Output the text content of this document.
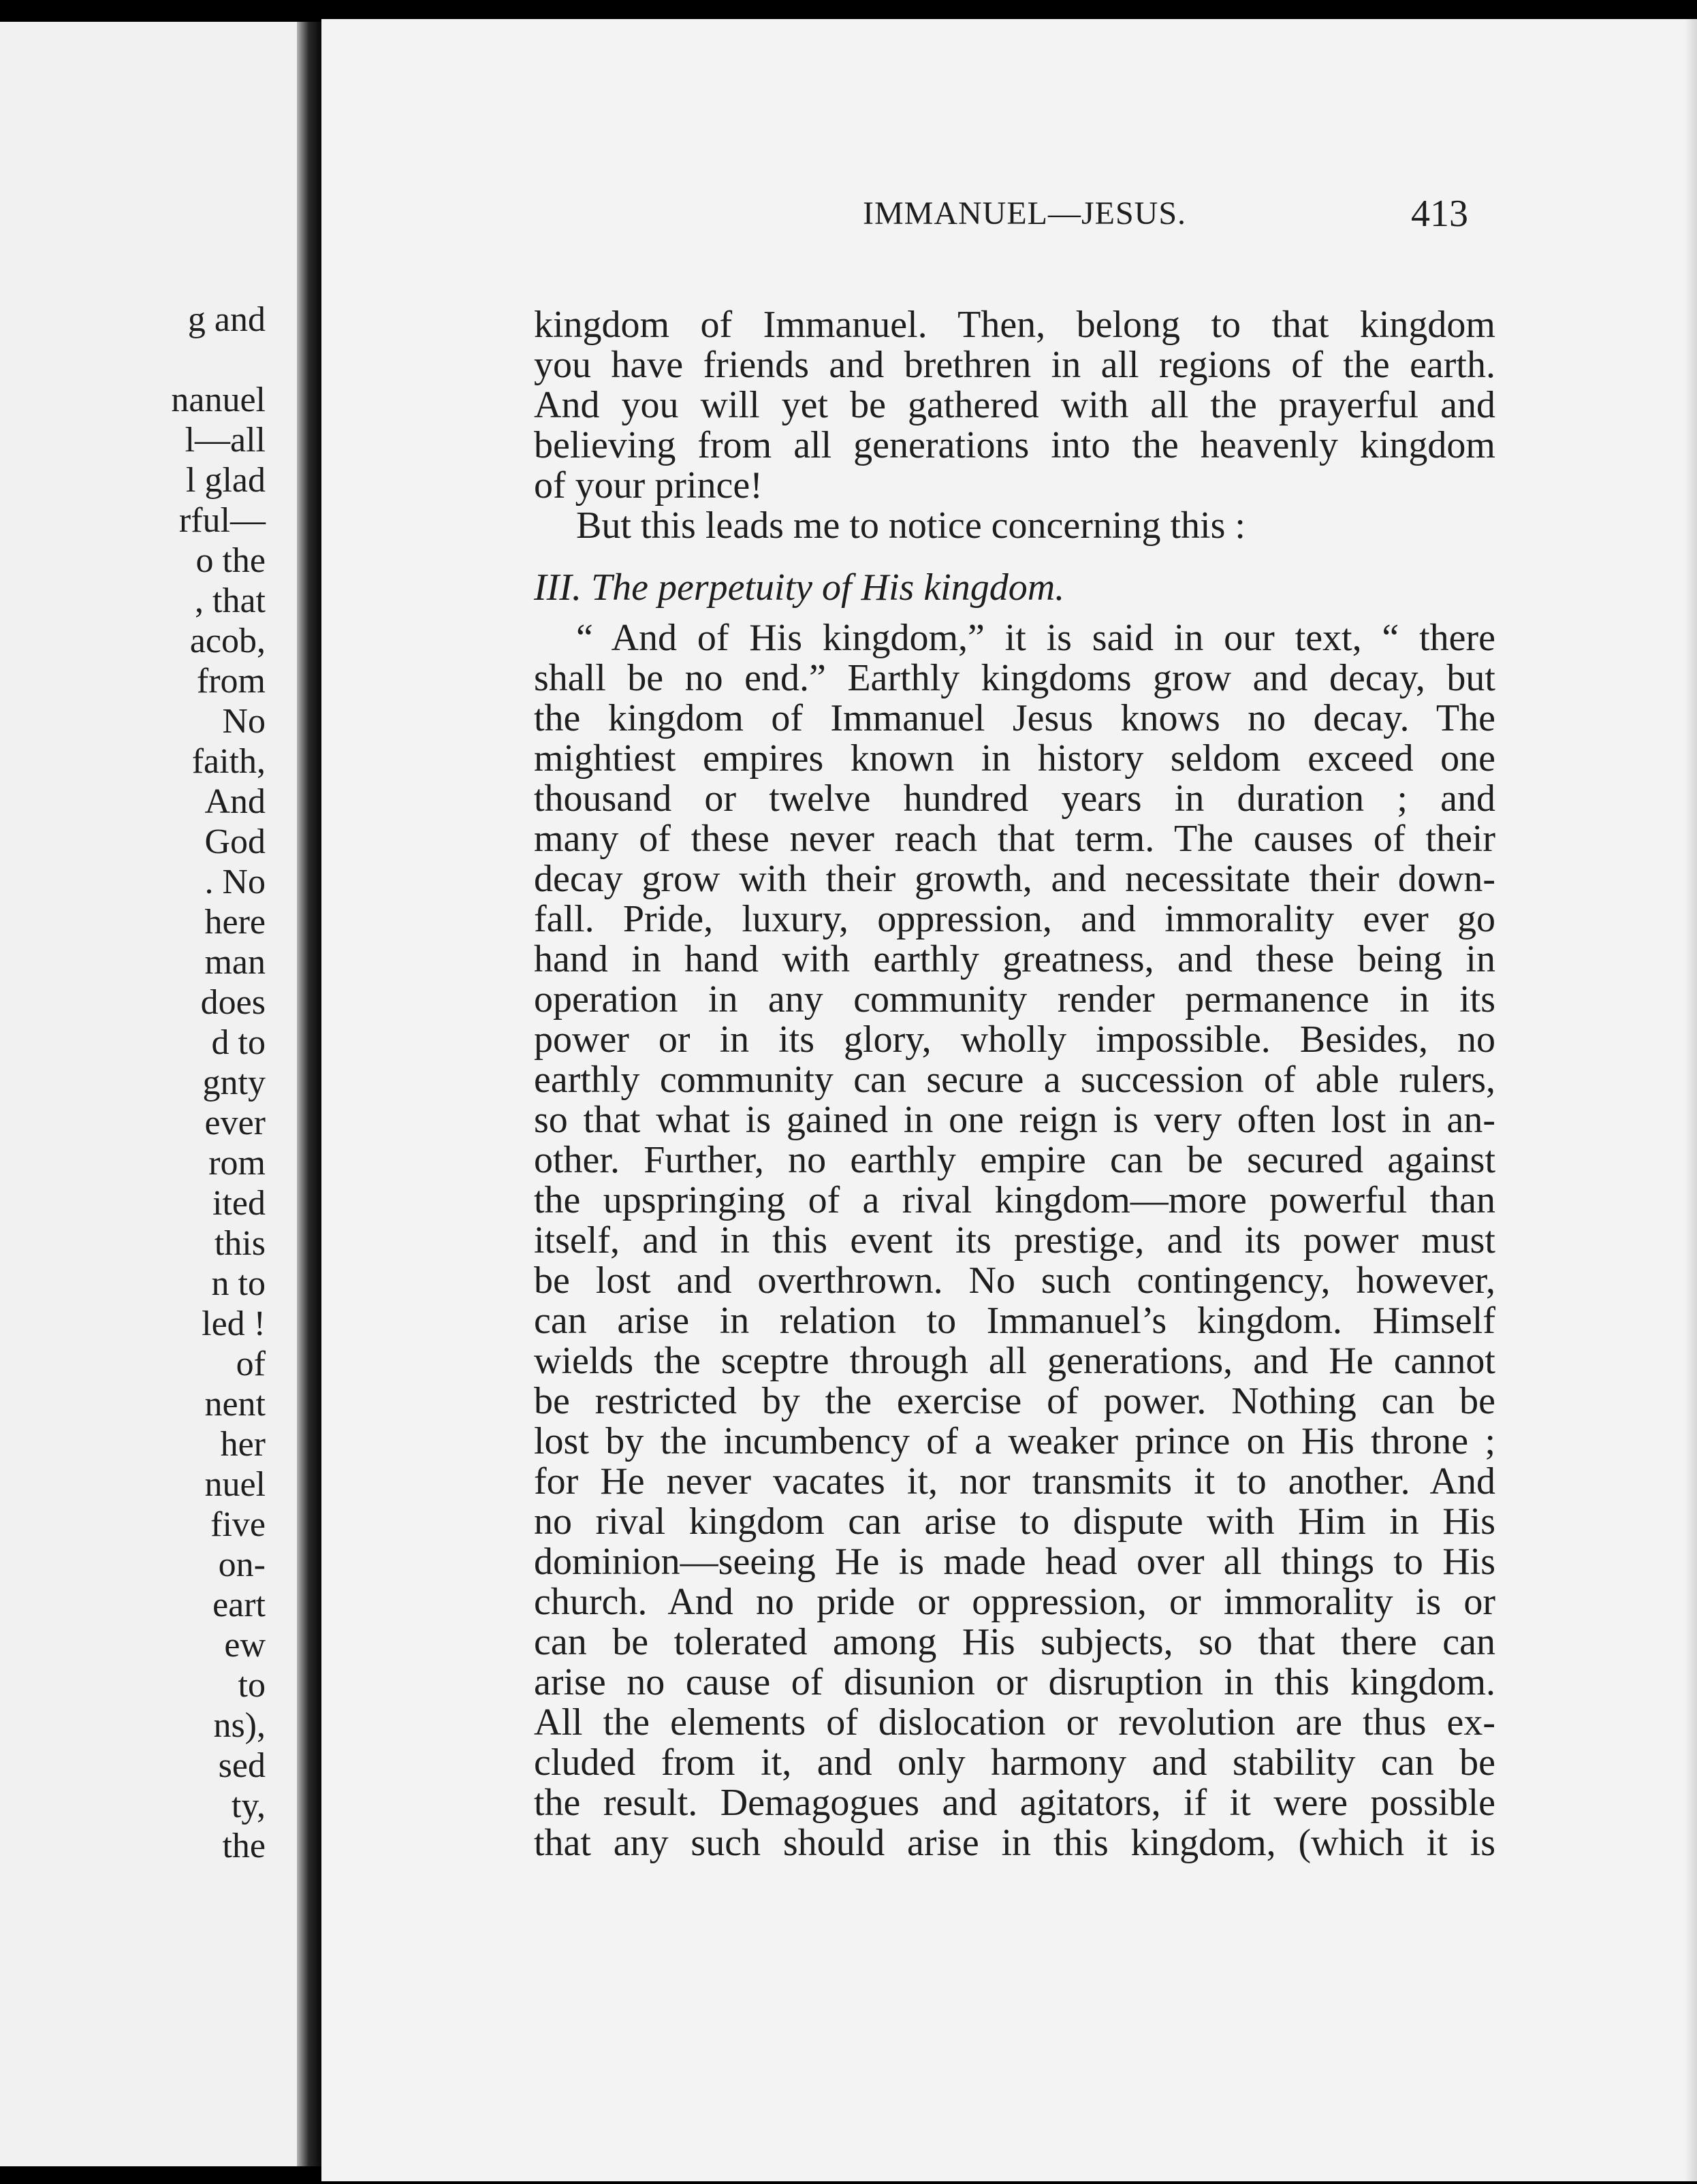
g and
nanuel
l—all
l glad
rful—
o the
, that
acob,
from
No
faith,
And
God
. No
here
man
does
d to
gnty
ever
rom
ited
this
n to
led !
of
nent
her
nuel
five
on-
eart
ew
to
ns),
sed
ty,
the
IMMANUEL—JESUS.	413
kingdom of Immanuel. Then, belong to that kingdom
you have friends and brethren in all regions of the earth.
And you will yet be gathered with all the prayerful and
believing from all generations into the heavenly kingdom
of your prince!
But this leads me to notice concerning this :
III. The perpetuity of His kingdom.
“ And of His kingdom,” it is said in our text, “ there
shall be no end.” Earthly kingdoms grow and decay, but
the kingdom of Immanuel Jesus knows no decay. The
mightiest empires known in history seldom exceed one
thousand or twelve hundred years in duration ; and
many of these never reach that term. The causes of their
decay grow with their growth, and necessitate their down-
fall. Pride, luxury, oppression, and immorality ever go
hand in hand with earthly greatness, and these being in
operation in any community render permanence in its
power or in its glory, wholly impossible. Besides, no
earthly community can secure a succession of able rulers,
so that what is gained in one reign is very often lost in an-
other. Further, no earthly empire can be secured against
the upspringing of a rival kingdom—more powerful than
itself, and in this event its prestige, and its power must
be lost and overthrown. No such contingency, however,
can arise in relation to Immanuel’s kingdom. Himself
wields the sceptre through all generations, and He cannot
be restricted by the exercise of power. Nothing can be
lost by the incumbency of a weaker prince on His throne ;
for He never vacates it, nor transmits it to another. And
no rival kingdom can arise to dispute with Him in His
dominion—seeing He is made head over all things to His
church. And no pride or oppression, or immorality is or
can be tolerated among His subjects, so that there can
arise no cause of disunion or disruption in this kingdom.
All the elements of dislocation or revolution are thus ex-
cluded from it, and only harmony and stability can be
the result. Demagogues and agitators, if it were possible
that any such should arise in this kingdom, (which it is
